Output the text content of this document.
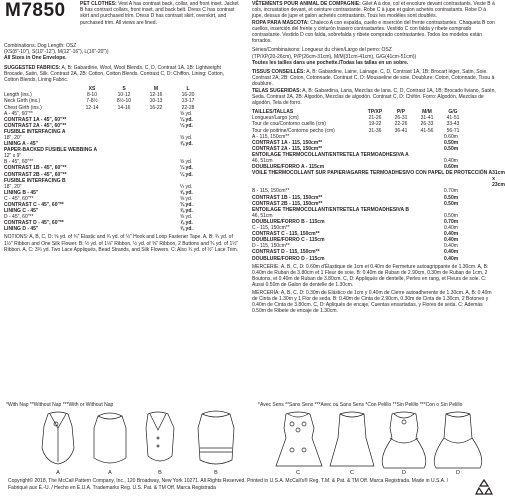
M7850	PET CLOTHES: Vest A has contrast back, collar, and front inset. Jacket B has contrast collars, front inset, and back belt. Dress C has contrast skirt and purchased trim. Dress D has contrast skirt, overskirt, and purchased trim. All views are lined.
Combinations: Dog Length: OSZ
(XS(8"-10"), S(10"-12"), M(12"-16"), L(16"-20"))
All Sizes in One Envelope.
SUGGESTED FABRICS: A, B: Gabardine, Wool, Wool Blends. C, D, Contrast 1A, 1B: Lightweight Brocade, Satin, Silk. Contrast 2A, 2B: Cotton, Cotton Blends. Contrast C, D: Chiffon. Lining: Cotton, Cotton Blends, Lining Fabric.
XS	S	M	L
Length (ins.)	8-10	10-12	12-16	16-20
Neck Girth (ins.)	7-8½	8½-10	10-13	13-17
Chest Girth (ins.)	12-14	14-16	16-22	22-28
A - 45", 60"**	⅝ yd.
CONTRAST 1A - 45", 60"**	¼ yd.
CONTRAST 2A - 45", 60"**	¼ yd.
FUSIBLE INTERFACING A
18", 20"	⅝ yd.
LINING A - 45"	⅝ yd.
PAPER-BACKED FUSIBLE WEBBING A
12" x 9"
B - 45", 60"**	⅝ yd.
CONTRAST 1B - 45", 60"**	¼ yd.
CONTRAST 2B - 45", 60"**	¼ yd.
FUSIBLE INTERFACING B
18", 20"	¼ yd.
LINING B - 45"	⅝ yd.
C - 45", 60"**	⅝ yd.
CONTRAST C - 45", 60"**	¾ yd.
LINING C - 45"	⅝ yd.
D - 45", 60"**	⅝ yd.
CONTRAST D - 45", 60"**	⅞ yd.
LINING D - 45"	⅝ yd.
NOTIONS: A, B, C, D: ⅝ yd. of ¾" Elastic and ¾ yd. of ½" Hook and Loop Fastener Tape. A, B: ¾ yd. of 1½" Ribbon and One Silk Flower. B: ½ yd. of 1⅛" Ribbon, ½ yd. of ⅜" Ribbon, 2 Buttons and ¾ yd. of 1½" Ribbon. A, C: 3¾ yd. Two Lace Appliqués, Bead Strands, and Silk Flowers. C: Also ¾ yd. of ½" Lace Trim.
VÊTEMENTS POUR ANIMAL DE COMPAGNIE: Gilet A à dos, col et encolure devant contrastants. Veste B à cols, incrustation devant, et ceinture contrastante. Robe C à jupe et galon achetés contrastants. Robe D à jupe, dessus de jupe et galon achetés contrastants. Tous les modèles sont doublés.
ROPA PARA MASCOTA: Chaleco A con espalda, cuello e inserción del frente contrastantes. Chaqueta B con cuellos, inserción del frente y cinturón trasero contrastantes. Vestido C con falda y ribete comprado contrastante. Vestido D con falda, sobrefalda y ribete comprado contrastantes. Todos los modelos están forrados.
Séries/Combinaisons: Longueur du chien/Largo del perro: OSZ
(TP/XP(20-26cm), P/P(26cm-31cm), M/M(31cm-41cm), G/G(41cm-51cm))
Toutes les tailles dans une pochette./Todas las tallas en un sobre.
TISSUS CONSEILLÉS: A, B: Gabardine, Laine, Lainage. C, D, Contrast 1A, 1B: Brocart léger, Satin, Soie. Contrast 2A, 2B: Coton, Cotonnade. Contrast C, D: Mousseline de soie. Doublure: Coton, Cotonnade, Tissu à doublure.
TELAS SUGERIDAS: A, B: Gabardina, Lana, Mezclas de lana. C, D, Contrast 1A, 1B: Brocado liviano, Satén, Seda. Contrast 2A, 2B: Algodón, Mezclas de algodón. Contrast C, D: Chifón. Forro: Algodón, Mezclas de algodón, Tela de forro.
TAILLES/TALLAS	TP/XP	P/P	M/M	G/G
Longueur/Largo (cm)	21-26	26-31	31-41	41-51
Tour de cou/Contorno cuello (cm)	19-22	22-26	26-33	33-43
Tour de poitrine/Contorno pecho (cm)	31-36	36-41	41-56	56-71
A - 115, 150cm**	0.60m
CONTRAST 1A - 115, 150cm**	0.50m
CONTRAST 2A - 115, 150cm**	0.50m
ENTOILAGE THERMOCOLLANT/ENTRETELA TERMOADHESIVA A
46, 51cm	0.40m
DOUBLURE/FORRO A - 115cm	0.60m
VOILE THERMOCOLLANT SUR PAPIER/AGARRE TERMOADHESIVO CON PAPEL DE PROTECCIÓN A 31cm x 23cm
B - 115, 150cm**	0.70m
CONTRAST 1B - 115, 150cm**	0.50m
CONTRAST 2B - 115, 150cm**	0.50m
ENTOILAGE THERMOCOLLANT/ENTRETELA TERMOADHESIVA B
46, 51cm	0.50m
DOUBLURE/FORRO B - 115cm	0.70m
C - 115, 150cm**	0.40m
CONTRAST C - 115, 150cm**	0.40m
DOUBLURE/FORRO C - 115cm	0.40m
D - 115, 150cm**	0.40m
CONTRAST D - 115, 150cm**	0.40m
DOUBLURE/FORRO D - 115cm	0.40m
MERCERIE: A, B, C, D: 0.60m d'Élastique de 1cm et 0.40m de Fermeture autoagrippante de 1.30cm. A, B: 0.40m de Ruban de 3.80cm et 1 Fleur de soie. B: 0.40m de Ruban de 2.90cm, 0.30m de Ruban de 1cm, 2 Boutons, et 0.40m de Ruban de 3.80cm. C, D: Appliqués de dentelle, Perles en rang, et Fleurs de soie. C: Aussi 0.50m de Galon de dentelle de 1.30cm.
MERCERÍA: A, B, C, D: 0.30m de Elástico de 1cm y 0.40m de Cierre autoadherente de 1.30cm. A, B: 0.40m de Cinta de 1.30m y 1 Flor de seda. B: 0.40m de Cinta de 2.90cm, 0.30m de Cinta de 1.30cm, 2 Botones y 0.40m de Cinta de 3.80cm. C, D: Apliqués de encaje, Cuentas ensartadas, y Flores de seda. C: Además 0.50m de Ribete de encaje de 1.30cm.
*With Nap **Without Nap ***With or Without Nap	*Avec Sens **Sans Sens ***Avec ou Sans Sens *Con Pelillo **Sin Pelillo ***Con o Sin Pelillo
A	A	B	B	C	C	D	D
Copyright© 2018, The McCall Pattern Company, Inc., 120 Broadway, New York 10271. All Rights Reserved. Printed in U.S.A. McCall's® Reg. T.M. & Pat. & TM Off. Marca Registrada. Made in U.S.A. / Fabriqué aux É.-U. / Hecho en E.U.A. Trademarks Reg. U.S. Pat. & TM Off. Marca Registrada
